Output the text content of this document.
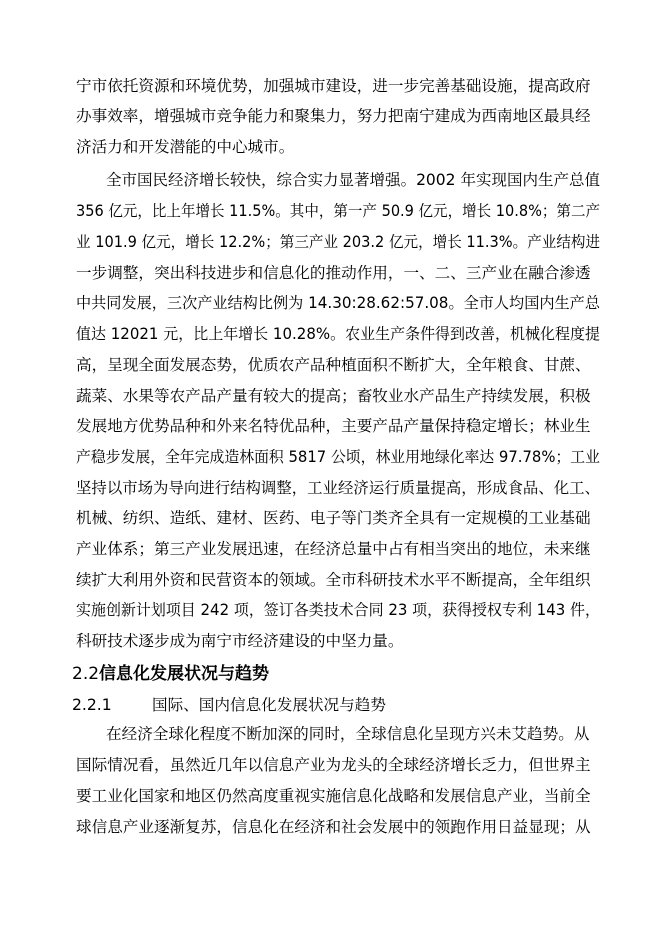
宁市依托资源和环境优势，加强城市建设，进一步完善基础设施，提高政府
办事效率，增强城市竞争能力和聚集力，努力把南宁建成为西南地区最具经
济活力和开发潜能的中心城市。
全市国民经济增长较快，综合实力显著增强。2002 年实现国内生产总值
356 亿元，比上年增长 11.5%。其中，第一产 50.9 亿元，增长 10.8%；第二产
业 101.9 亿元，增长 12.2%；第三产业 203.2 亿元，增长 11.3%。产业结构进
一步调整，突出科技进步和信息化的推动作用，一、二、三产业在融合渗透
中共同发展，三次产业结构比例为 14.30:28.62:57.08。全市人均国内生产总
值达 12021 元，比上年增长 10.28%。农业生产条件得到改善，机械化程度提
高，呈现全面发展态势，优质农产品种植面积不断扩大，全年粮食、甘蔗、
蔬菜、水果等农产品产量有较大的提高；畜牧业水产品生产持续发展，积极
发展地方优势品种和外来名特优品种，主要产品产量保持稳定增长；林业生
产稳步发展，全年完成造林面积 5817 公顷，林业用地绿化率达 97.78%；工业
坚持以市场为导向进行结构调整，工业经济运行质量提高，形成食品、化工、
机械、纺织、造纸、建材、医药、电子等门类齐全具有一定规模的工业基础
产业体系；第三产业发展迅速，在经济总量中占有相当突出的地位，未来继
续扩大利用外资和民营资本的领域。全市科研技术水平不断提高，全年组织
实施创新计划项目 242 项，签订各类技术合同 23 项，获得授权专利 143 件，
科研技术逐步成为南宁市经济建设的中坚力量。
2.2信息化发展状况与趋势
2.2.1	国际、国内信息化发展状况与趋势
在经济全球化程度不断加深的同时，全球信息化呈现方兴未艾趋势。从
国际情况看，虽然近几年以信息产业为龙头的全球经济增长乏力，但世界主
要工业化国家和地区仍然高度重视实施信息化战略和发展信息产业，当前全
球信息产业逐渐复苏，信息化在经济和社会发展中的领跑作用日益显现；从
